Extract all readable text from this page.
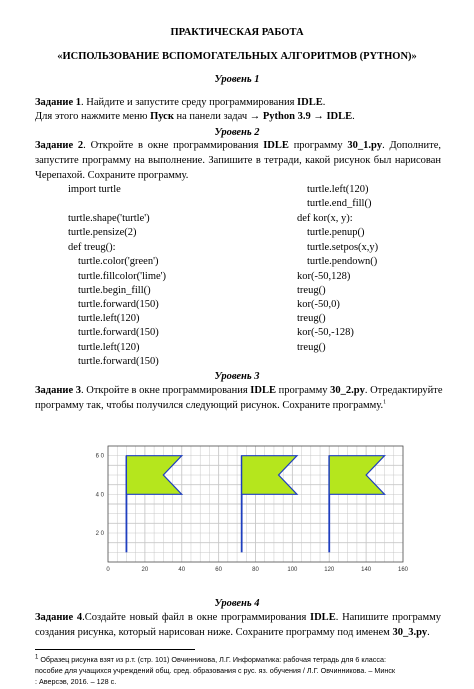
ПРАКТИЧЕСКАЯ РАБОТА
«ИСПОЛЬЗОВАНИЕ ВСПОМОГАТЕЛЬНЫХ АЛГОРИТМОВ (PYTHON)»
Уровень 1
Задание 1. Найдите и запустите среду программирования IDLE.
Для этого нажмите меню Пуск на панели задач → Python 3.9 → IDLE.
Уровень 2
Задание 2. Откройте в окне программирования IDLE программу 30_1.py. Дополните,
запустите программу на выполнение. Запишите в тетради, какой рисунок был нарисован
Черепахой. Сохраните программу.
import turtle
turtle.shape('turtle')
turtle.pensize(2)
def treug():
turtle.color('green')
turtle.fillcolor('lime')
turtle.begin_fill()
turtle.forward(150)
turtle.left(120)
turtle.forward(150)
turtle.left(120)
turtle.forward(150)
turtle.left(120)
turtle.end_fill()
def kor(x, y):
turtle.penup()
turtle.setpos(x,y)
turtle.pendown()
kor(-50,128)
treug()
kor(-50,0)
treug()
kor(-50,-128)
treug()
Уровень 3
Задание 3. Откройте в окне программирования IDLE программу 30_2.py. Отредактируйте
программу так, чтобы получился следующий рисунок. Сохраните программу.$^1$
0	20	40	60	80	100	120	140	160
6 0
4 0
2 0
Уровень 4
Задание 4.Создайте новый файл в окне программирования IDLE. Напишите программу
создания рисунка, который нарисован ниже. Сохраните программу под именем 30_3.py.
$^1$ Образец рисунка взят из р.т. (стр. 101) Овчинникова, Л.Г. Информатика: рабочая тетрадь для 6 класса:
пособие для учащихся учреждений общ. сред. образования с рус. яз. обучения / Л.Г. Овчинникова. – Минск
: Аверсэв, 2016. – 128 с.
